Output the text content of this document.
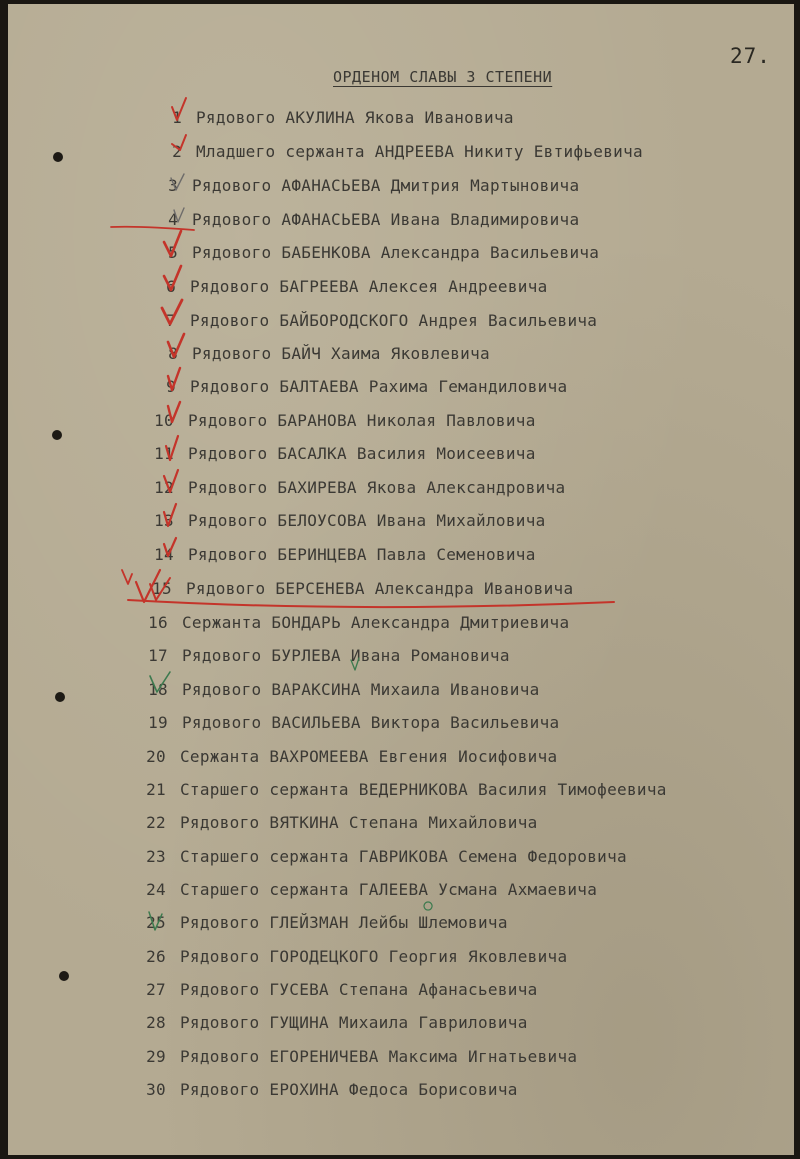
27.
ОРДЕНОМ СЛАВЫ 3 СТЕПЕНИ
1 Рядового АКУЛИНА Якова Ивановича
2 Младшего сержанта АНДРЕЕВА Никиту Евтифьевича
3 Рядового АФАНАСЬЕВА Дмитрия Мартыновича
4 Рядового АФАНАСЬЕВА Ивана Владимировича
5 Рядового БАБЕНКОВА Александра Васильевича
6 Рядового БАГРЕЕВА Алексея Андреевича
7 Рядового БАЙБОРОДСКОГО Андрея Васильевича
8 Рядового БАЙЧ Хаима Яковлевича
9 Рядового БАЛТАЕВА Рахима Гемандиловича
10 Рядового БАРАНОВА Николая Павловича
11 Рядового БАСАЛКА Василия Моисеевича
12 Рядового БАХИРЕВА Якова Александровича
13 Рядового БЕЛОУСОВА Ивана Михайловича
14 Рядового БЕРИНЦЕВА Павла Семеновича
15 Рядового БЕРСЕНЕВА Александра Ивановича
16 Сержанта БОНДАРЬ Александра Дмитриевича
17 Рядового БУРЛЕВА Ивана Романовича
18 Рядового ВАРАКСИНА Михаила Ивановича
19 Рядового ВАСИЛЬЕВА Виктора Васильевича
20 Сержанта ВАХРОМЕЕВА Евгения Иосифовича
21 Старшего сержанта ВЕДЕРНИКОВА Василия Тимофеевича
22 Рядового ВЯТКИНА Степана Михайловича
23 Старшего сержанта ГАВРИКОВА Семена Федоровича
24 Старшего сержанта ГАЛЕЕВА Усмана Ахмаевича
25 Рядового ГЛЕЙЗМАН Лейбы Шлемовича
26 Рядового ГОРОДЕЦКОГО Георгия Яковлевича
27 Рядового ГУСЕВА Степана Афанасьевича
28 Рядового ГУЩИНА Михаила Гавриловича
29 Рядового ЕГОРЕНИЧЕВА Максима Игнатьевича
30 Рядового ЕРОХИНА Федоса Борисовича
